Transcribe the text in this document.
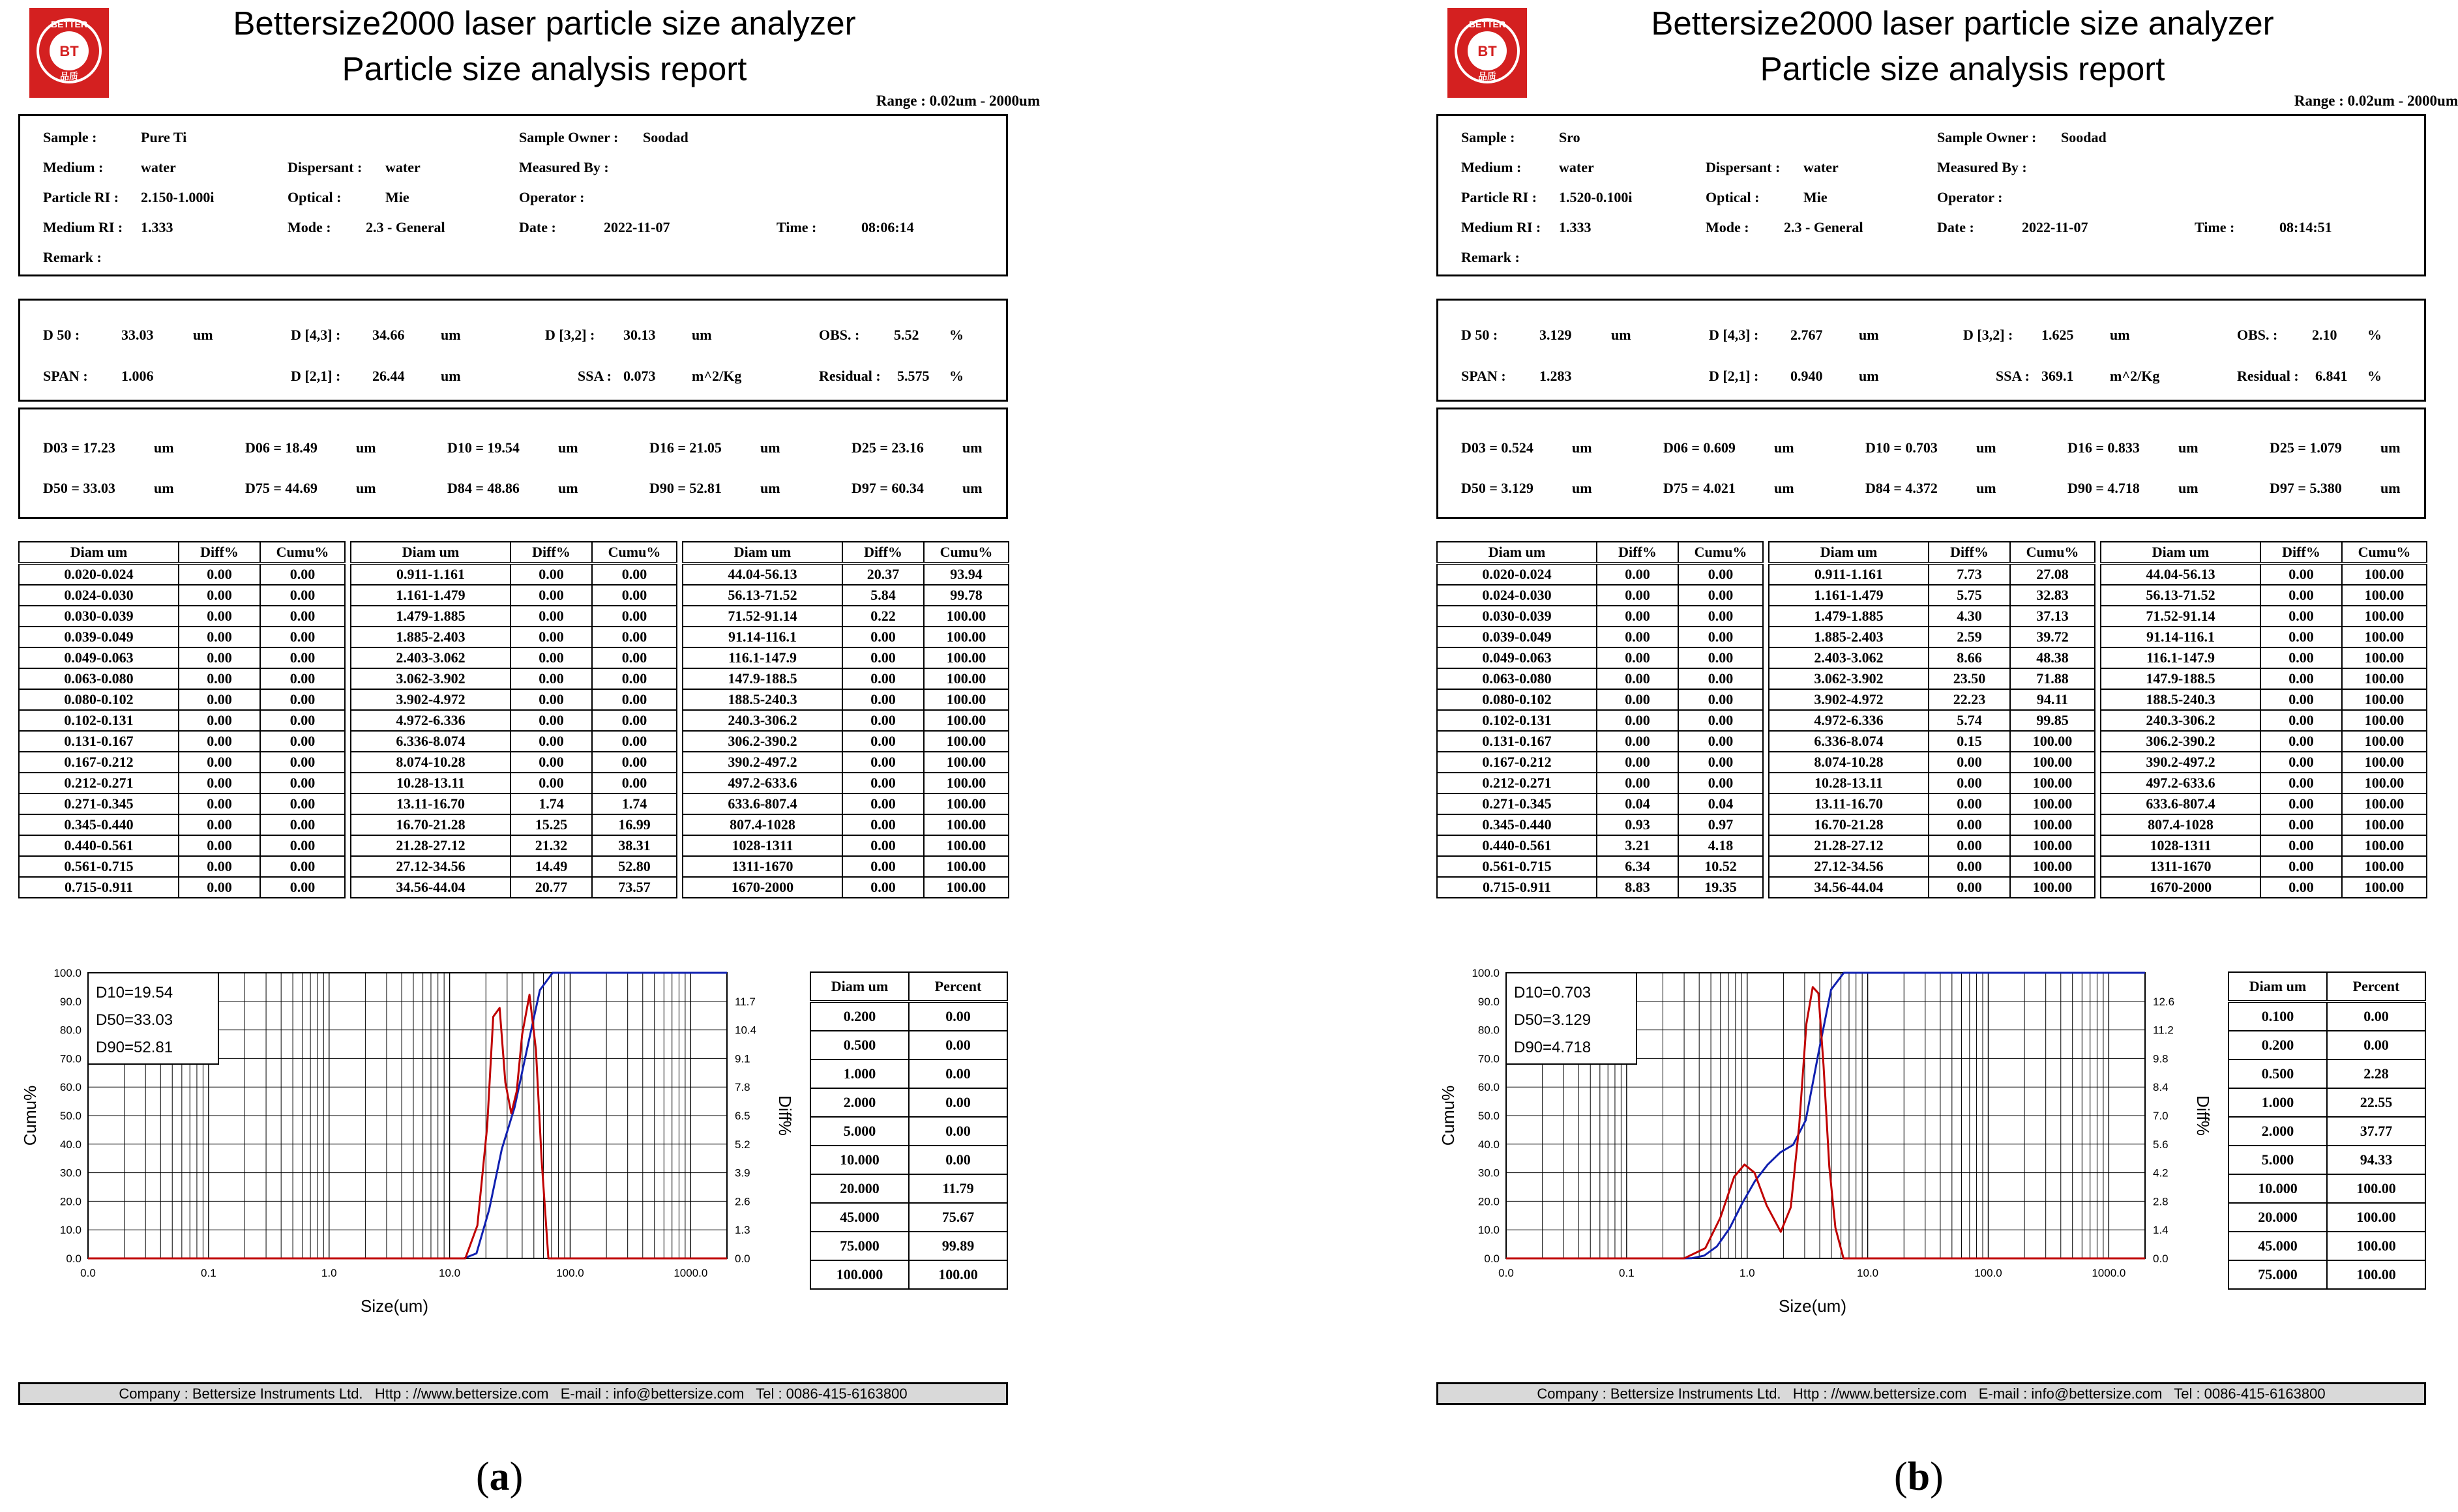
BT
BETTER
品质
Bettersize2000 laser particle size analyzer
Particle size analysis report
Range : 0.02um - 2000um
Sample :	Pure Ti	Sample Owner : Soodad
Medium :	water	Dispersant : water	Measured By :
Particle RI : 2.150-1.000i	Optical :	Mie	Operator :
Medium RI : 1.333	Mode : 2.3 - General	Date :	2022-11-07	Time :	08:06:14
Remark :
D 50 :	33.03	um	D [4,3] : 34.66	um	D [3,2] : 30.13	um	OBS. : 5.52 %
SPAN : 1.006	D [2,1] : 26.44	um	SSA : 0.073	m^2/Kg	Residual : 5.575 %
D03 = 17.23	um	D06 = 18.49	um	D10 = 19.54	um	D16 = 21.05	um	D25 = 23.16	um
D50 = 33.03	um	D75 = 44.69	um	D84 = 48.86	um	D90 = 52.81	um	D97 = 60.34	um
Diam um	Diff%	Cumu%
0.020-0.024	0.00	0.00
0.024-0.030	0.00	0.00
0.030-0.039	0.00	0.00
0.039-0.049	0.00	0.00
0.049-0.063	0.00	0.00
0.063-0.080	0.00	0.00
0.080-0.102	0.00	0.00
0.102-0.131	0.00	0.00
0.131-0.167	0.00	0.00
0.167-0.212	0.00	0.00
0.212-0.271	0.00	0.00
0.271-0.345	0.00	0.00
0.345-0.440	0.00	0.00
0.440-0.561	0.00	0.00
0.561-0.715	0.00	0.00
0.715-0.911	0.00	0.00
Diam um	Diff%	Cumu%
0.911-1.161	0.00	0.00
1.161-1.479	0.00	0.00
1.479-1.885	0.00	0.00
1.885-2.403	0.00	0.00
2.403-3.062	0.00	0.00
3.062-3.902	0.00	0.00
3.902-4.972	0.00	0.00
4.972-6.336	0.00	0.00
6.336-8.074	0.00	0.00
8.074-10.28	0.00	0.00
10.28-13.11	0.00	0.00
13.11-16.70	1.74	1.74
16.70-21.28	15.25	16.99
21.28-27.12	21.32	38.31
27.12-34.56	14.49	52.80
34.56-44.04	20.77	73.57
Diam um	Diff%	Cumu%
44.04-56.13	20.37	93.94
56.13-71.52	5.84	99.78
71.52-91.14	0.22	100.00
91.14-116.1	0.00	100.00
116.1-147.9	0.00	100.00
147.9-188.5	0.00	100.00
188.5-240.3	0.00	100.00
240.3-306.2	0.00	100.00
306.2-390.2	0.00	100.00
390.2-497.2	0.00	100.00
497.2-633.6	0.00	100.00
633.6-807.4	0.00	100.00
807.4-1028	0.00	100.00
1028-1311	0.00	100.00
1311-1670	0.00	100.00
1670-2000	0.00	100.00
0.0
10.0
20.0
30.0
40.0
50.0
60.0
70.0
80.0
90.0
100.0
0.0
1.3
2.6
3.9
5.2
6.5
7.8
9.1
10.4
11.7
0.0	0.1	1.0	10.0	100.0	1000.0
Size(um)
Cumu%	Diff%
D10=19.54
D50=33.03
D90=52.81
Diam um	Percent
0.200	0.00
0.500	0.00
1.000	0.00
2.000	0.00
5.000	0.00
10.000	0.00
20.000	11.79
45.000	75.67
75.000	99.89
100.000	100.00
Company : Bettersize Instruments Ltd.   Http : //www.bettersize.com   E-mail : info@bettersize.com   Tel : 0086-415-6163800
BT
BETTER
品质
Bettersize2000 laser particle size analyzer
Particle size analysis report
Range : 0.02um - 2000um
Sample :	Sro	Sample Owner : Soodad
Medium :	water	Dispersant : water	Measured By :
Particle RI : 1.520-0.100i	Optical :	Mie	Operator :
Medium RI : 1.333	Mode : 2.3 - General	Date :	2022-11-07	Time :	08:14:51
Remark :
D 50 :	3.129	um	D [4,3] : 2.767	um	D [3,2] : 1.625	um	OBS. : 2.10 %
SPAN : 1.283	D [2,1] : 0.940	um	SSA : 369.1	m^2/Kg	Residual : 6.841 %
D03 = 0.524	um	D06 = 0.609	um	D10 = 0.703	um	D16 = 0.833	um	D25 = 1.079	um
D50 = 3.129	um	D75 = 4.021	um	D84 = 4.372	um	D90 = 4.718	um	D97 = 5.380	um
Diam um	Diff%	Cumu%
0.020-0.024	0.00	0.00
0.024-0.030	0.00	0.00
0.030-0.039	0.00	0.00
0.039-0.049	0.00	0.00
0.049-0.063	0.00	0.00
0.063-0.080	0.00	0.00
0.080-0.102	0.00	0.00
0.102-0.131	0.00	0.00
0.131-0.167	0.00	0.00
0.167-0.212	0.00	0.00
0.212-0.271	0.00	0.00
0.271-0.345	0.04	0.04
0.345-0.440	0.93	0.97
0.440-0.561	3.21	4.18
0.561-0.715	6.34	10.52
0.715-0.911	8.83	19.35
Diam um	Diff%	Cumu%
0.911-1.161	7.73	27.08
1.161-1.479	5.75	32.83
1.479-1.885	4.30	37.13
1.885-2.403	2.59	39.72
2.403-3.062	8.66	48.38
3.062-3.902	23.50	71.88
3.902-4.972	22.23	94.11
4.972-6.336	5.74	99.85
6.336-8.074	0.15	100.00
8.074-10.28	0.00	100.00
10.28-13.11	0.00	100.00
13.11-16.70	0.00	100.00
16.70-21.28	0.00	100.00
21.28-27.12	0.00	100.00
27.12-34.56	0.00	100.00
34.56-44.04	0.00	100.00
Diam um	Diff%	Cumu%
44.04-56.13	0.00	100.00
56.13-71.52	0.00	100.00
71.52-91.14	0.00	100.00
91.14-116.1	0.00	100.00
116.1-147.9	0.00	100.00
147.9-188.5	0.00	100.00
188.5-240.3	0.00	100.00
240.3-306.2	0.00	100.00
306.2-390.2	0.00	100.00
390.2-497.2	0.00	100.00
497.2-633.6	0.00	100.00
633.6-807.4	0.00	100.00
807.4-1028	0.00	100.00
1028-1311	0.00	100.00
1311-1670	0.00	100.00
1670-2000	0.00	100.00
0.0
10.0
20.0
30.0
40.0
50.0
60.0
70.0
80.0
90.0
100.0
0.0
1.4
2.8
4.2
5.6
7.0
8.4
9.8
11.2
12.6
0.0	0.1	1.0	10.0	100.0	1000.0
Size(um)
Cumu%	Diff%
D10=0.703
D50=3.129
D90=4.718
Diam um	Percent
0.100	0.00
0.200	0.00
0.500	2.28
1.000	22.55
2.000	37.77
5.000	94.33
10.000	100.00
20.000	100.00
45.000	100.00
75.000	100.00
Company : Bettersize Instruments Ltd.   Http : //www.bettersize.com   E-mail : info@bettersize.com   Tel : 0086-415-6163800
(a)	(b)
